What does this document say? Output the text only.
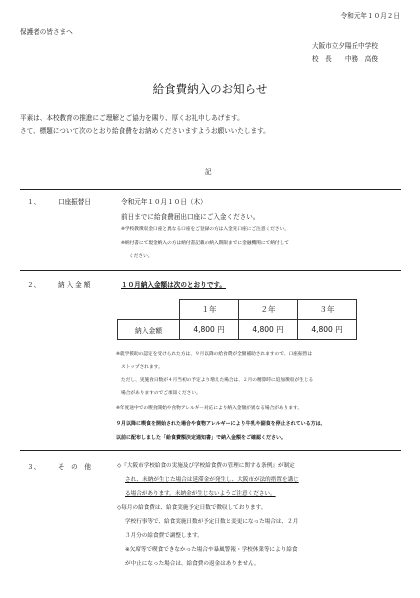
令和元年１０月２日
保護者の皆さまへ
大阪市立夕陽丘中学校
校　長　　中務　高俊
給食費納入のお知らせ
平素は、本校教育の推進にご理解とご協力を賜り、厚くお礼申しあげます。
さて、標題について次のとおり給食費をお納めくださいますようお願いいたします。
記
１、	口座振替日	令和元年１０月１０日（木）
前日までに給食費届出口座にご入金ください。
※学校教徴収金口座と異なる口座をご登録の方は入金先口座にご注意ください。
※納付書にて現金納入の方は納付書記載の納入期限までに金融機関にて納付して
ください。
２、	納入金額	１０月納入金額は次のとおりです。
	１年	２年	３年
納入金額	4,800 円	4,800 円	4,800 円
※就学援助の認定を受けられた方は、９月以降の給食費が全額補助されますので、口座振替は
ストップされます。
ただし、実施食日数が４月当初の予定より増えた場合は、２月の精算時に追加徴収が生じる
場合がありますのでご承知ください。
※年度途中での喫食開始や食物アレルギー対応により納入金額が異なる場合があります。
９月以降に喫食を開始された場合や食物アレルギーにより牛乳や副食を停止されている方は、
以前に配布しました「給食費額決定通知書」で納入金額をご確認ください。
３、	そ　の　他	◇『大阪市学校給食の実施及び学校給食費の管理に関する条例』が制定
され、未納が生じた場合は延滞金が発生し、大阪市が法的措置を講じ
る場合があります。未納金が生じないようご注意ください。
◇毎月の給食費は、給食実施予定日数で徴収しております。
学校行事等で、給食実施日数が予定日数と変更になった場合は、２月
３月分の給食費で調整します。
※欠席等で喫食できなかった場合や暴風警報・学校休業等により給食
が中止になった場合は、給食費の返金はありません。
